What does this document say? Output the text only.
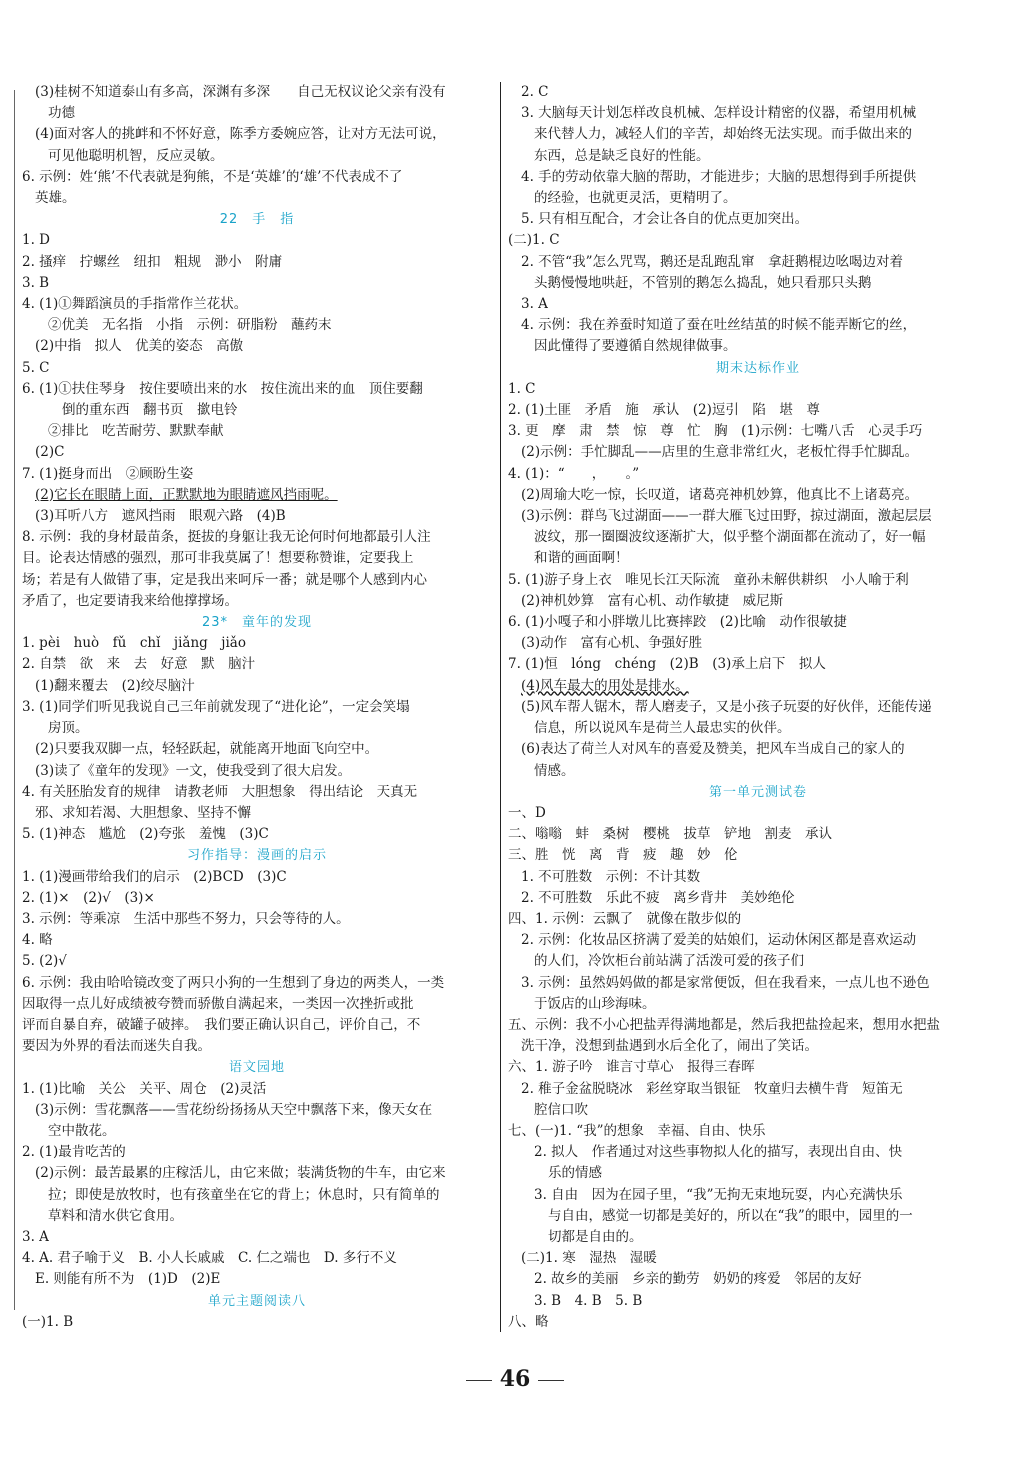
(3)桂树不知道泰山有多高，深渊有多深　　自己无权议论父亲有没有
功德
(4)面对客人的挑衅和不怀好意，陈季方委婉应答，让对方无法可说，
可见他聪明机智，反应灵敏。
6. 示例：姓‘熊’不代表就是狗熊，不是‘英雄’的‘雄’不代表成不了
英雄。
22　手　指
1. D
2. 搔痒　拧螺丝　纽扣　粗规　渺小　附庸
3. B
4. (1)①舞蹈演员的手指常作兰花状。
②优美　无名指　小指　示例：研脂粉　蘸药末
(2)中指　拟人　优美的姿态　高傲
5. C
6. (1)①扶住琴身　按住要喷出来的水　按住流出来的血　顶住要翻
倒的重东西　翻书页　撳电铃
②排比　吃苦耐劳、默默奉献
(2)C
7. (1)挺身而出　②顾盼生姿
(2)它长在眼睛上面，正默默地为眼睛遮风挡雨呢。
(3)耳听八方　遮风挡雨　眼观六路　(4)B
8. 示例：我的身材最苗条，挺拔的身躯让我无论何时何地都最引人注
目。论表达情感的强烈，那可非我莫属了！想要称赞谁，定要我上
场；若是有人做错了事，定是我出来呵斥一番；就是哪个人感到内心
矛盾了，也定要请我来给他撑撑场。
23*　童年的发现
1. pèi　huò　fǔ　chǐ　jiǎng　jiǎo
2. 自禁　欲　来　去　好意　默　脑汁
(1)翻来覆去　(2)绞尽脑汁
3. (1)同学们听见我说自己三年前就发现了“进化论”，一定会笑塌
房顶。
(2)只要我双脚一点，轻轻跃起，就能离开地面飞向空中。
(3)读了《童年的发现》一文，使我受到了很大启发。
4. 有关胚胎发育的规律　请教老师　大胆想象　得出结论　天真无
邪、求知若渴、大胆想象、坚持不懈
5. (1)神态　尴尬　(2)夸张　羞愧　(3)C
习作指导：漫画的启示
1. (1)漫画带给我们的启示　(2)BCD　(3)C
2. (1)×　(2)√　(3)×
3. 示例：等乘凉　生活中那些不努力，只会等待的人。
4. 略
5. (2)√
6. 示例：我由哈哈镜改变了两只小狗的一生想到了身边的两类人，一类
因取得一点儿好成绩被夸赞而骄傲自满起来，一类因一次挫折或批
评而自暴自弃，破罐子破摔。　我们要正确认识自己，评价自己，不
要因为外界的看法而迷失自我。
语文园地
1. (1)比喻　关公　关平、周仓　(2)灵活
(3)示例：雪花飘落——雪花纷纷扬扬从天空中飘落下来，像天女在
空中散花。
2. (1)最肯吃苦的
(2)示例：最苦最累的庄稼活儿，由它来做；装满货物的牛车，由它来
拉；即使是放牧时，也有孩童坐在它的背上；休息时，只有简单的
草料和清水供它食用。
3. A
4. A. 君子喻于义　B. 小人长戚戚　C. 仁之端也　D. 多行不义
E. 则能有所不为　(1)D　(2)E
单元主题阅读八
(一)1. B
2. C
3. 大脑每天计划怎样改良机械、怎样设计精密的仪器，希望用机械
来代替人力，减轻人们的辛苦，却始终无法实现。而手做出来的
东西，总是缺乏良好的性能。
4. 手的劳动依靠大脑的帮助，才能进步；大脑的思想得到手所提供
的经验，也就更灵活，更精明了。
5. 只有相互配合，才会让各自的优点更加突出。
(二)1. C
2. 不管“我”怎么咒骂，鹅还是乱跑乱窜　拿赶鹅棍边吆喝边对着
头鹅慢慢地哄赶，不管别的鹅怎么捣乱，她只看那只头鹅
3. A
4. 示例：我在养蚕时知道了蚕在吐丝结茧的时候不能弄断它的丝，
因此懂得了要遵循自然规律做事。
期末达标作业
1. C
2. (1)土匪　矛盾　施　承认　(2)逗引　陷　堪　尊
3. 更　摩　肃　禁　惊　尊　忙　胸　(1)示例：七嘴八舌　心灵手巧
(2)示例：手忙脚乱——店里的生意非常红火，老板忙得手忙脚乱。
4. (1)：“　　，　　。”
(2)周瑜大吃一惊，长叹道，诸葛亮神机妙算，他真比不上诸葛亮。
(3)示例：群鸟飞过湖面——一群大雁飞过田野，掠过湖面，激起层层
波纹，那一圈圈波纹逐渐扩大，似乎整个湖面都在流动了，好一幅
和谐的画面啊！
5. (1)游子身上衣　唯见长江天际流　童孙未解供耕织　小人喻于利
(2)神机妙算　富有心机、动作敏捷　威尼斯
6. (1)小嘎子和小胖墩儿比赛摔跤　(2)比喻　动作很敏捷
(3)动作　富有心机、争强好胜
7. (1)恒　lóng　chéng　(2)B　(3)承上启下　拟人
(4)风车最大的用处是排水。
(5)风车帮人锯木，帮人磨麦子，又是小孩子玩耍的好伙伴，还能传递
信息，所以说风车是荷兰人最忠实的伙伴。
(6)表达了荷兰人对风车的喜爱及赞美，把风车当成自己的家人的
情感。
第一单元测试卷
一、D
二、嗡嗡　蚌　桑树　樱桃　拔草　铲地　割麦　承认
三、胜　恍　离　背　疲　趣　妙　伦
1. 不可胜数　示例：不计其数
2. 不可胜数　乐此不疲　离乡背井　美妙绝伦
四、1. 示例：云飘了　就像在散步似的
2. 示例：化妆品区挤满了爱美的姑娘们，运动休闲区都是喜欢运动
的人们，冷饮柜台前站满了活泼可爱的孩子们
3. 示例：虽然妈妈做的都是家常便饭，但在我看来，一点儿也不逊色
于饭店的山珍海味。
五、示例：我不小心把盐弄得满地都是，然后我把盐捡起来，想用水把盐
洗干净，没想到盐遇到水后全化了，闹出了笑话。
六、1. 游子吟　谁言寸草心　报得三春晖
2. 稚子金盆脱晓冰　彩丝穿取当银钲　牧童归去横牛背　短笛无
腔信口吹
七、(一)1. “我”的想象　幸福、自由、快乐
2. 拟人　作者通过对这些事物拟人化的描写，表现出自由、快
乐的情感
3. 自由　因为在园子里，“我”无拘无束地玩耍，内心充满快乐
与自由，感觉一切都是美好的，所以在“我”的眼中，园里的一
切都是自由的。
(二)1. 寒　湿热　湿暖
2. 故乡的美丽　乡亲的勤劳　奶奶的疼爱　邻居的友好
3. B　4. B　5. B
八、略
46
